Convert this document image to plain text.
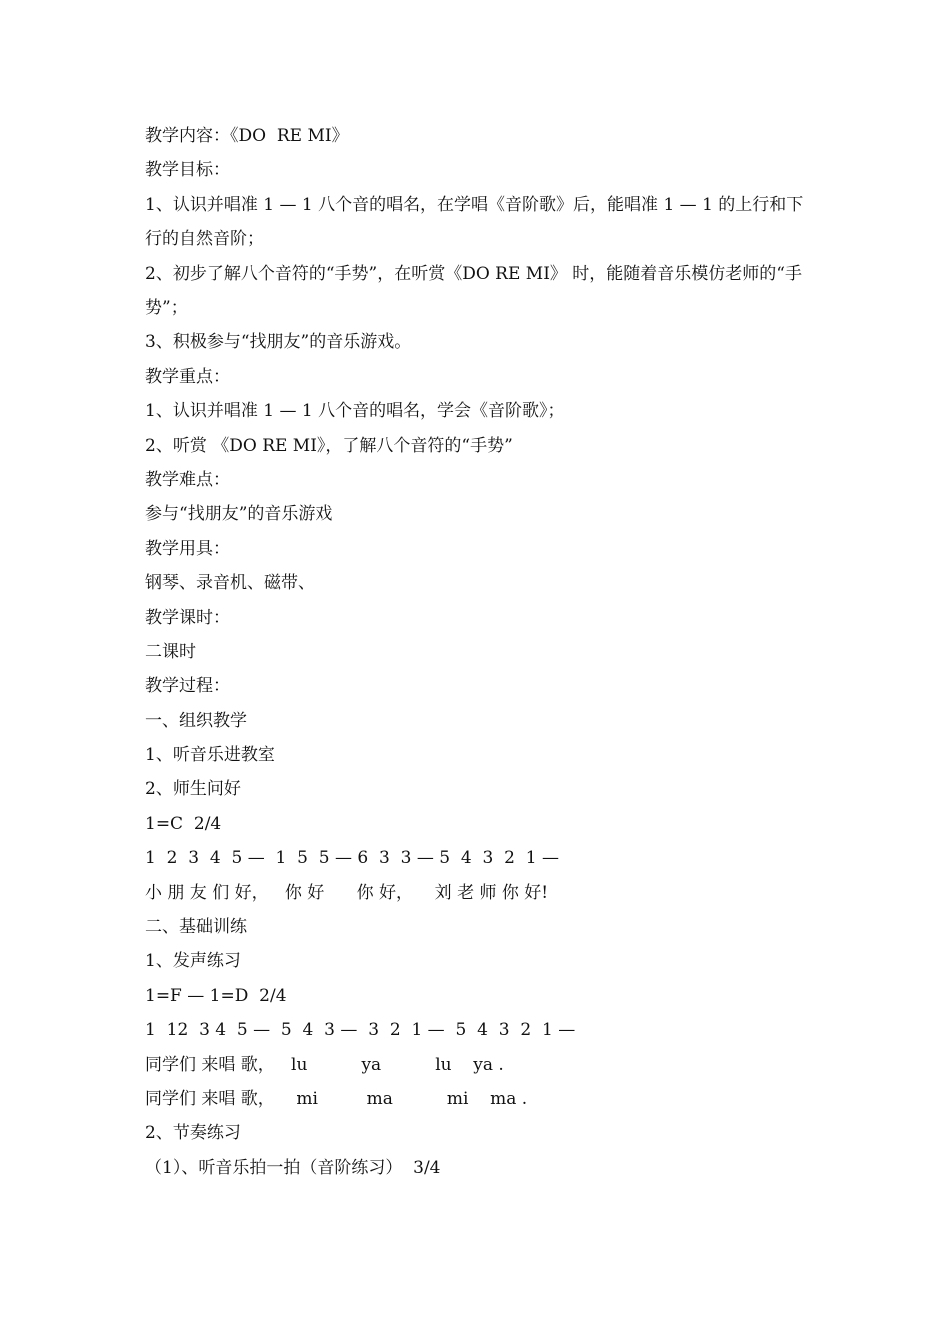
教学内容：《DO  RE MI》
教学目标：
1、认识并唱准 1 — 1 八个音的唱名，在学唱《音阶歌》后，能唱准 1 — 1 的上行和下行的自然音阶；
2、初步了解八个音符的“手势”，在听赏《DO RE MI》 时，能随着音乐模仿老师的“手势”；
3、积极参与“找朋友”的音乐游戏。
教学重点：
1、认识并唱准 1 — 1 八个音的唱名，学会《音阶歌》；
2、听赏 《DO RE MI》，了解八个音符的“手势”
教学难点：
参与“找朋友”的音乐游戏
教学用具：
钢琴、录音机、磁带、
教学课时：
二课时
教学过程：
一、组织教学
1、听音乐进教室
2、师生问好
1=C  2/4
1  2  3  4  5 —  1  5  5 — 6  3  3 — 5  4  3  2  1 —
小 朋 友 们 好，   你 好      你 好，    刘 老 师 你 好!
二、基础训练
1、发声练习
1=F — 1=D  2/4
1  12  3 4  5 —  5  4  3 —  3  2  1 —  5  4  3  2  1 —
同学们 来唱 歌，   lu          ya          lu    ya .
同学们 来唱 歌，    mi         ma          mi    ma .
2、节奏练习
（1）、听音乐拍一拍（音阶练习）  3/4
